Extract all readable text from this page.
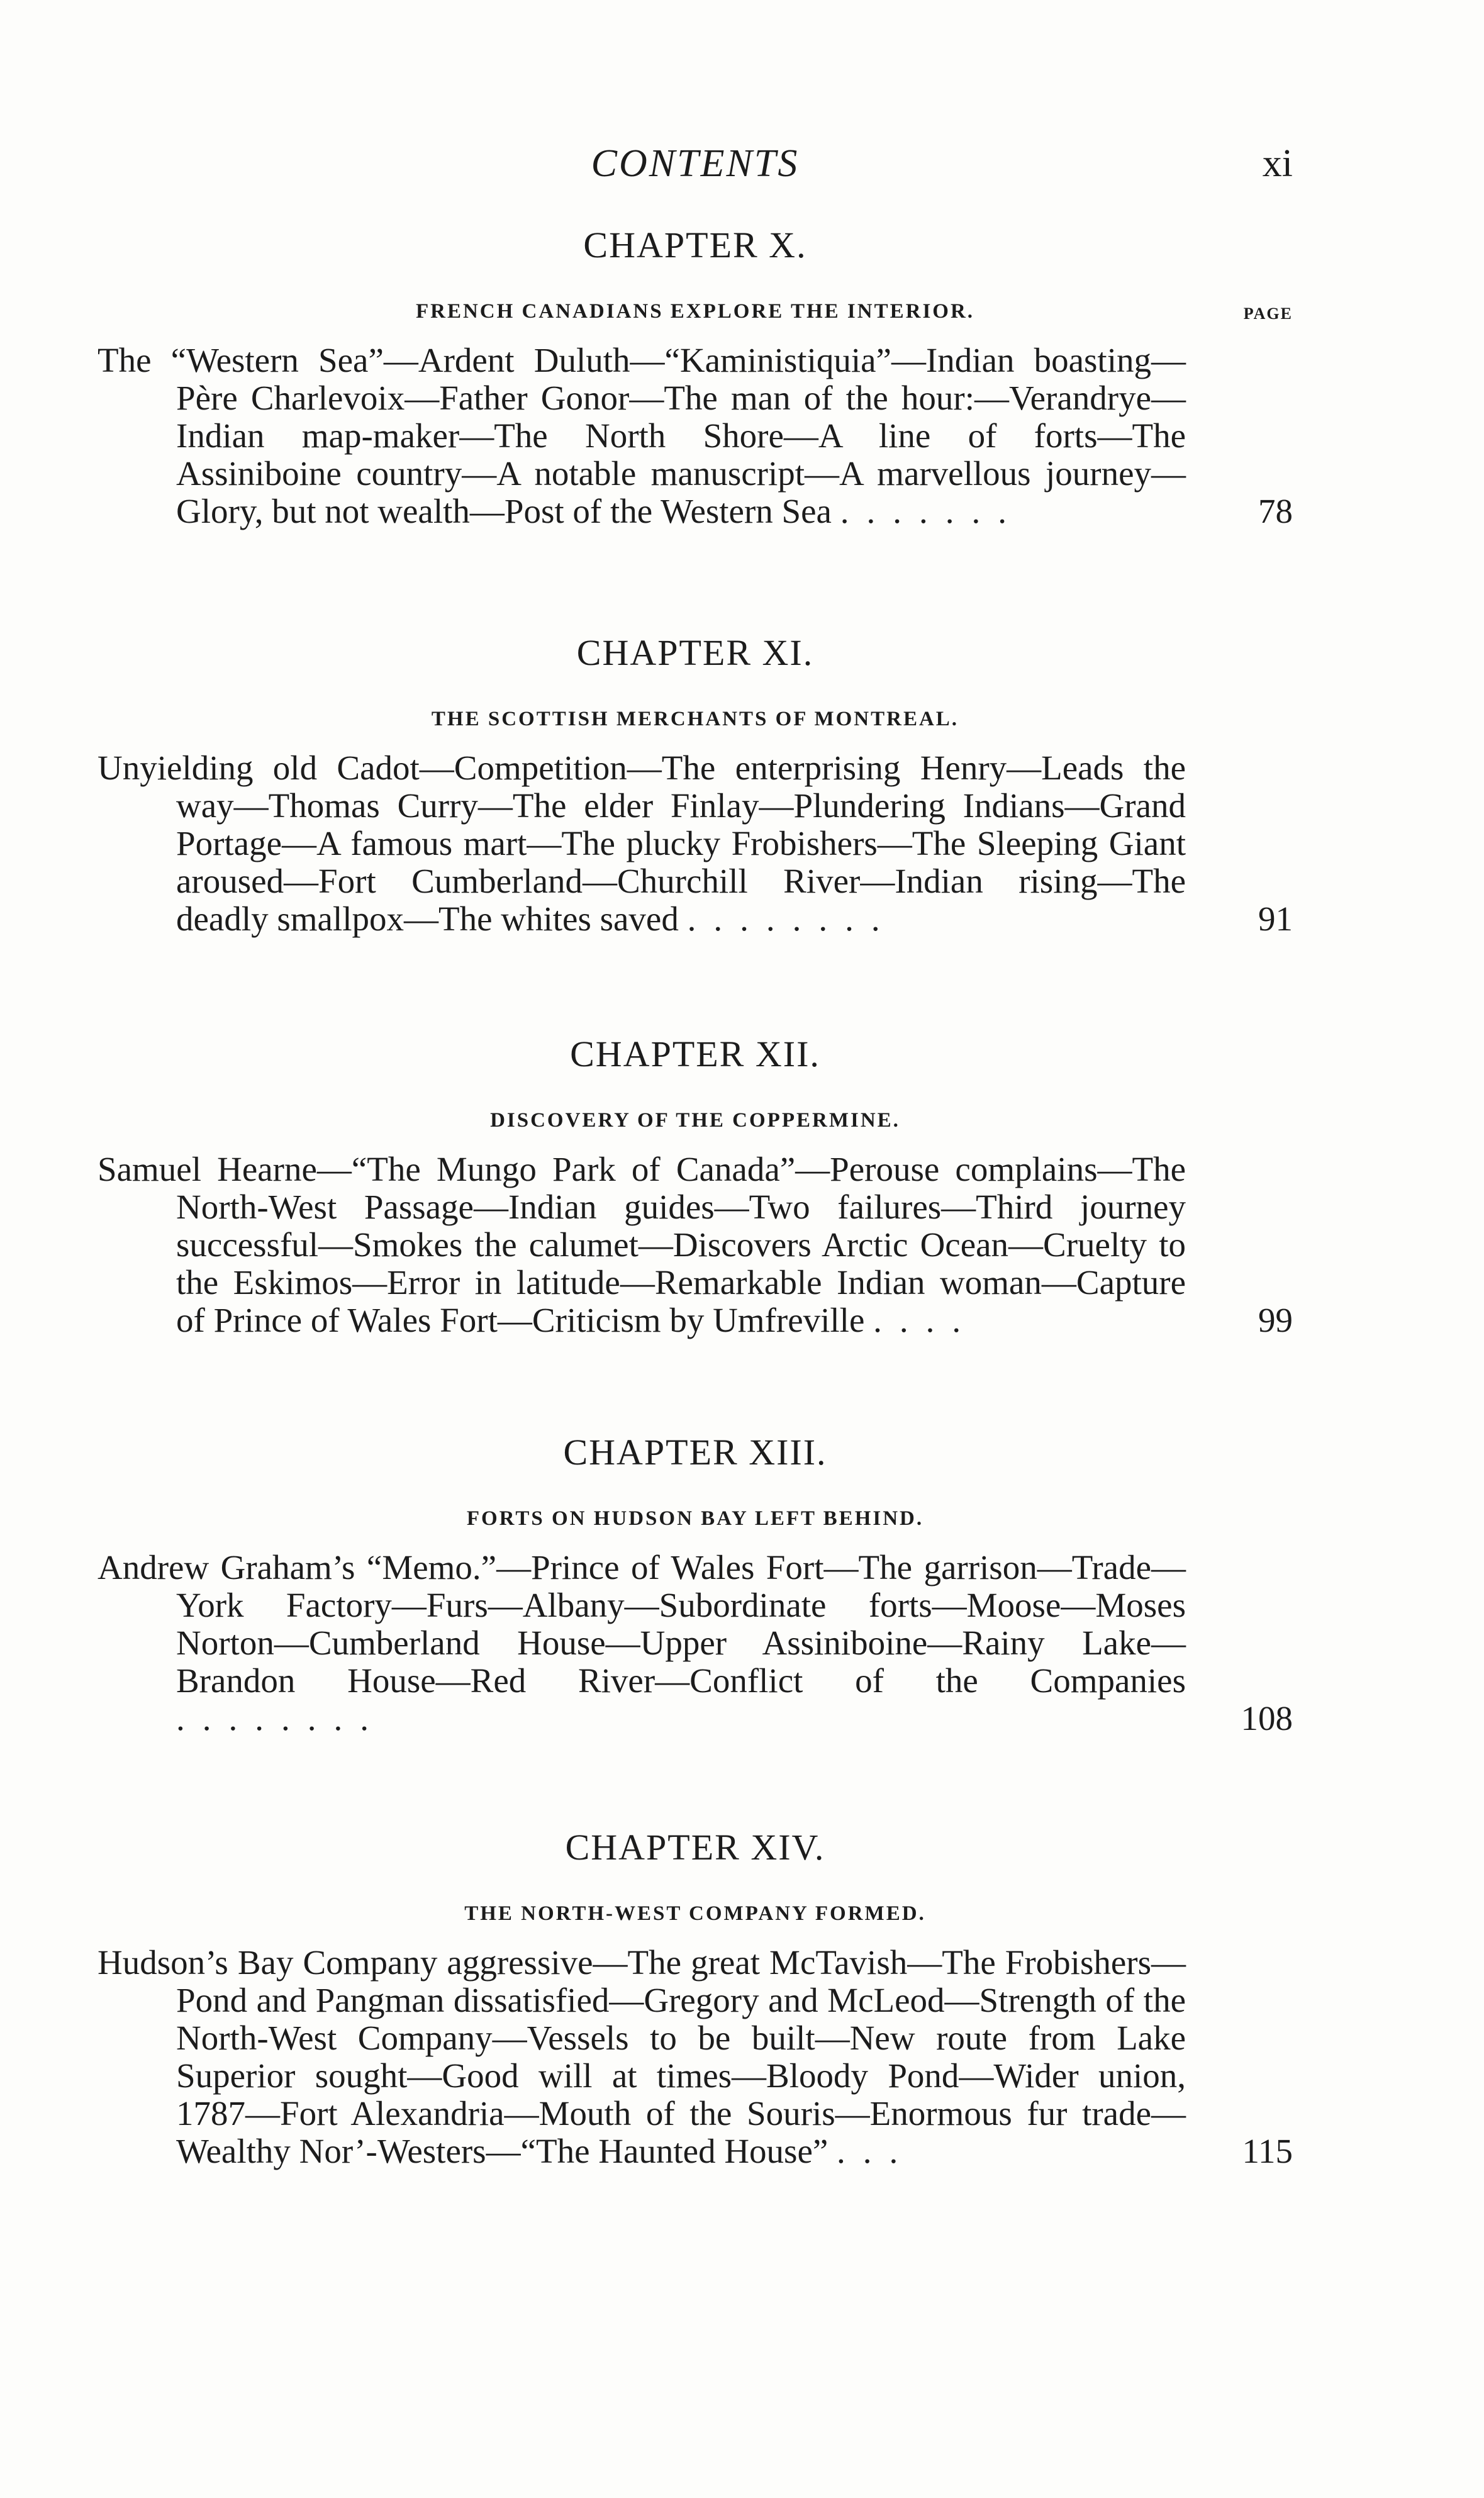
CONTENTS	xi
CHAPTER X.
FRENCH CANADIANS EXPLORE THE INTERIOR.	PAGE
The “Western Sea”—Ardent Duluth—“Kaministiquia”—Indian boasting—Père Charlevoix—Father Gonor—The man of the hour:—Verandrye—Indian map-maker—The North Shore—A line of forts—The Assiniboine country—A notable manuscript—A marvellous journey—Glory, but not wealth—Post of the Western Sea .......	78
CHAPTER XI.
THE SCOTTISH MERCHANTS OF MONTREAL.
Unyielding old Cadot—Competition—The enterprising Henry—Leads the way—Thomas Curry—The elder Finlay—Plundering Indians—Grand Portage—A famous mart—The plucky Frobishers—The Sleeping Giant aroused—Fort Cumberland—Churchill River—Indian rising—The deadly smallpox—The whites saved ........	91
CHAPTER XII.
DISCOVERY OF THE COPPERMINE.
Samuel Hearne—“The Mungo Park of Canada”—Perouse complains—The North-West Passage—Indian guides—Two failures—Third journey successful—Smokes the calumet—Discovers Arctic Ocean—Cruelty to the Eskimos—Error in latitude—Remarkable Indian woman—Capture of Prince of Wales Fort—Criticism by Umfreville ....	99
CHAPTER XIII.
FORTS ON HUDSON BAY LEFT BEHIND.
Andrew Graham’s “Memo.”—Prince of Wales Fort—The garrison—Trade—York Factory—Furs—Albany—Subordinate forts—Moose—Moses Norton—Cumberland House—Upper Assiniboine—Rainy Lake—Brandon House—Red River—Conflict of the Companies ........	108
CHAPTER XIV.
THE NORTH-WEST COMPANY FORMED.
Hudson’s Bay Company aggressive—The great McTavish—The Frobishers—Pond and Pangman dissatisfied—Gregory and McLeod—Strength of the North-West Company—Vessels to be built—New route from Lake Superior sought—Good will at times—Bloody Pond—Wider union, 1787—Fort Alexandria—Mouth of the Souris—Enormous fur trade—Wealthy Nor’-Westers—“The Haunted House” ...	115
